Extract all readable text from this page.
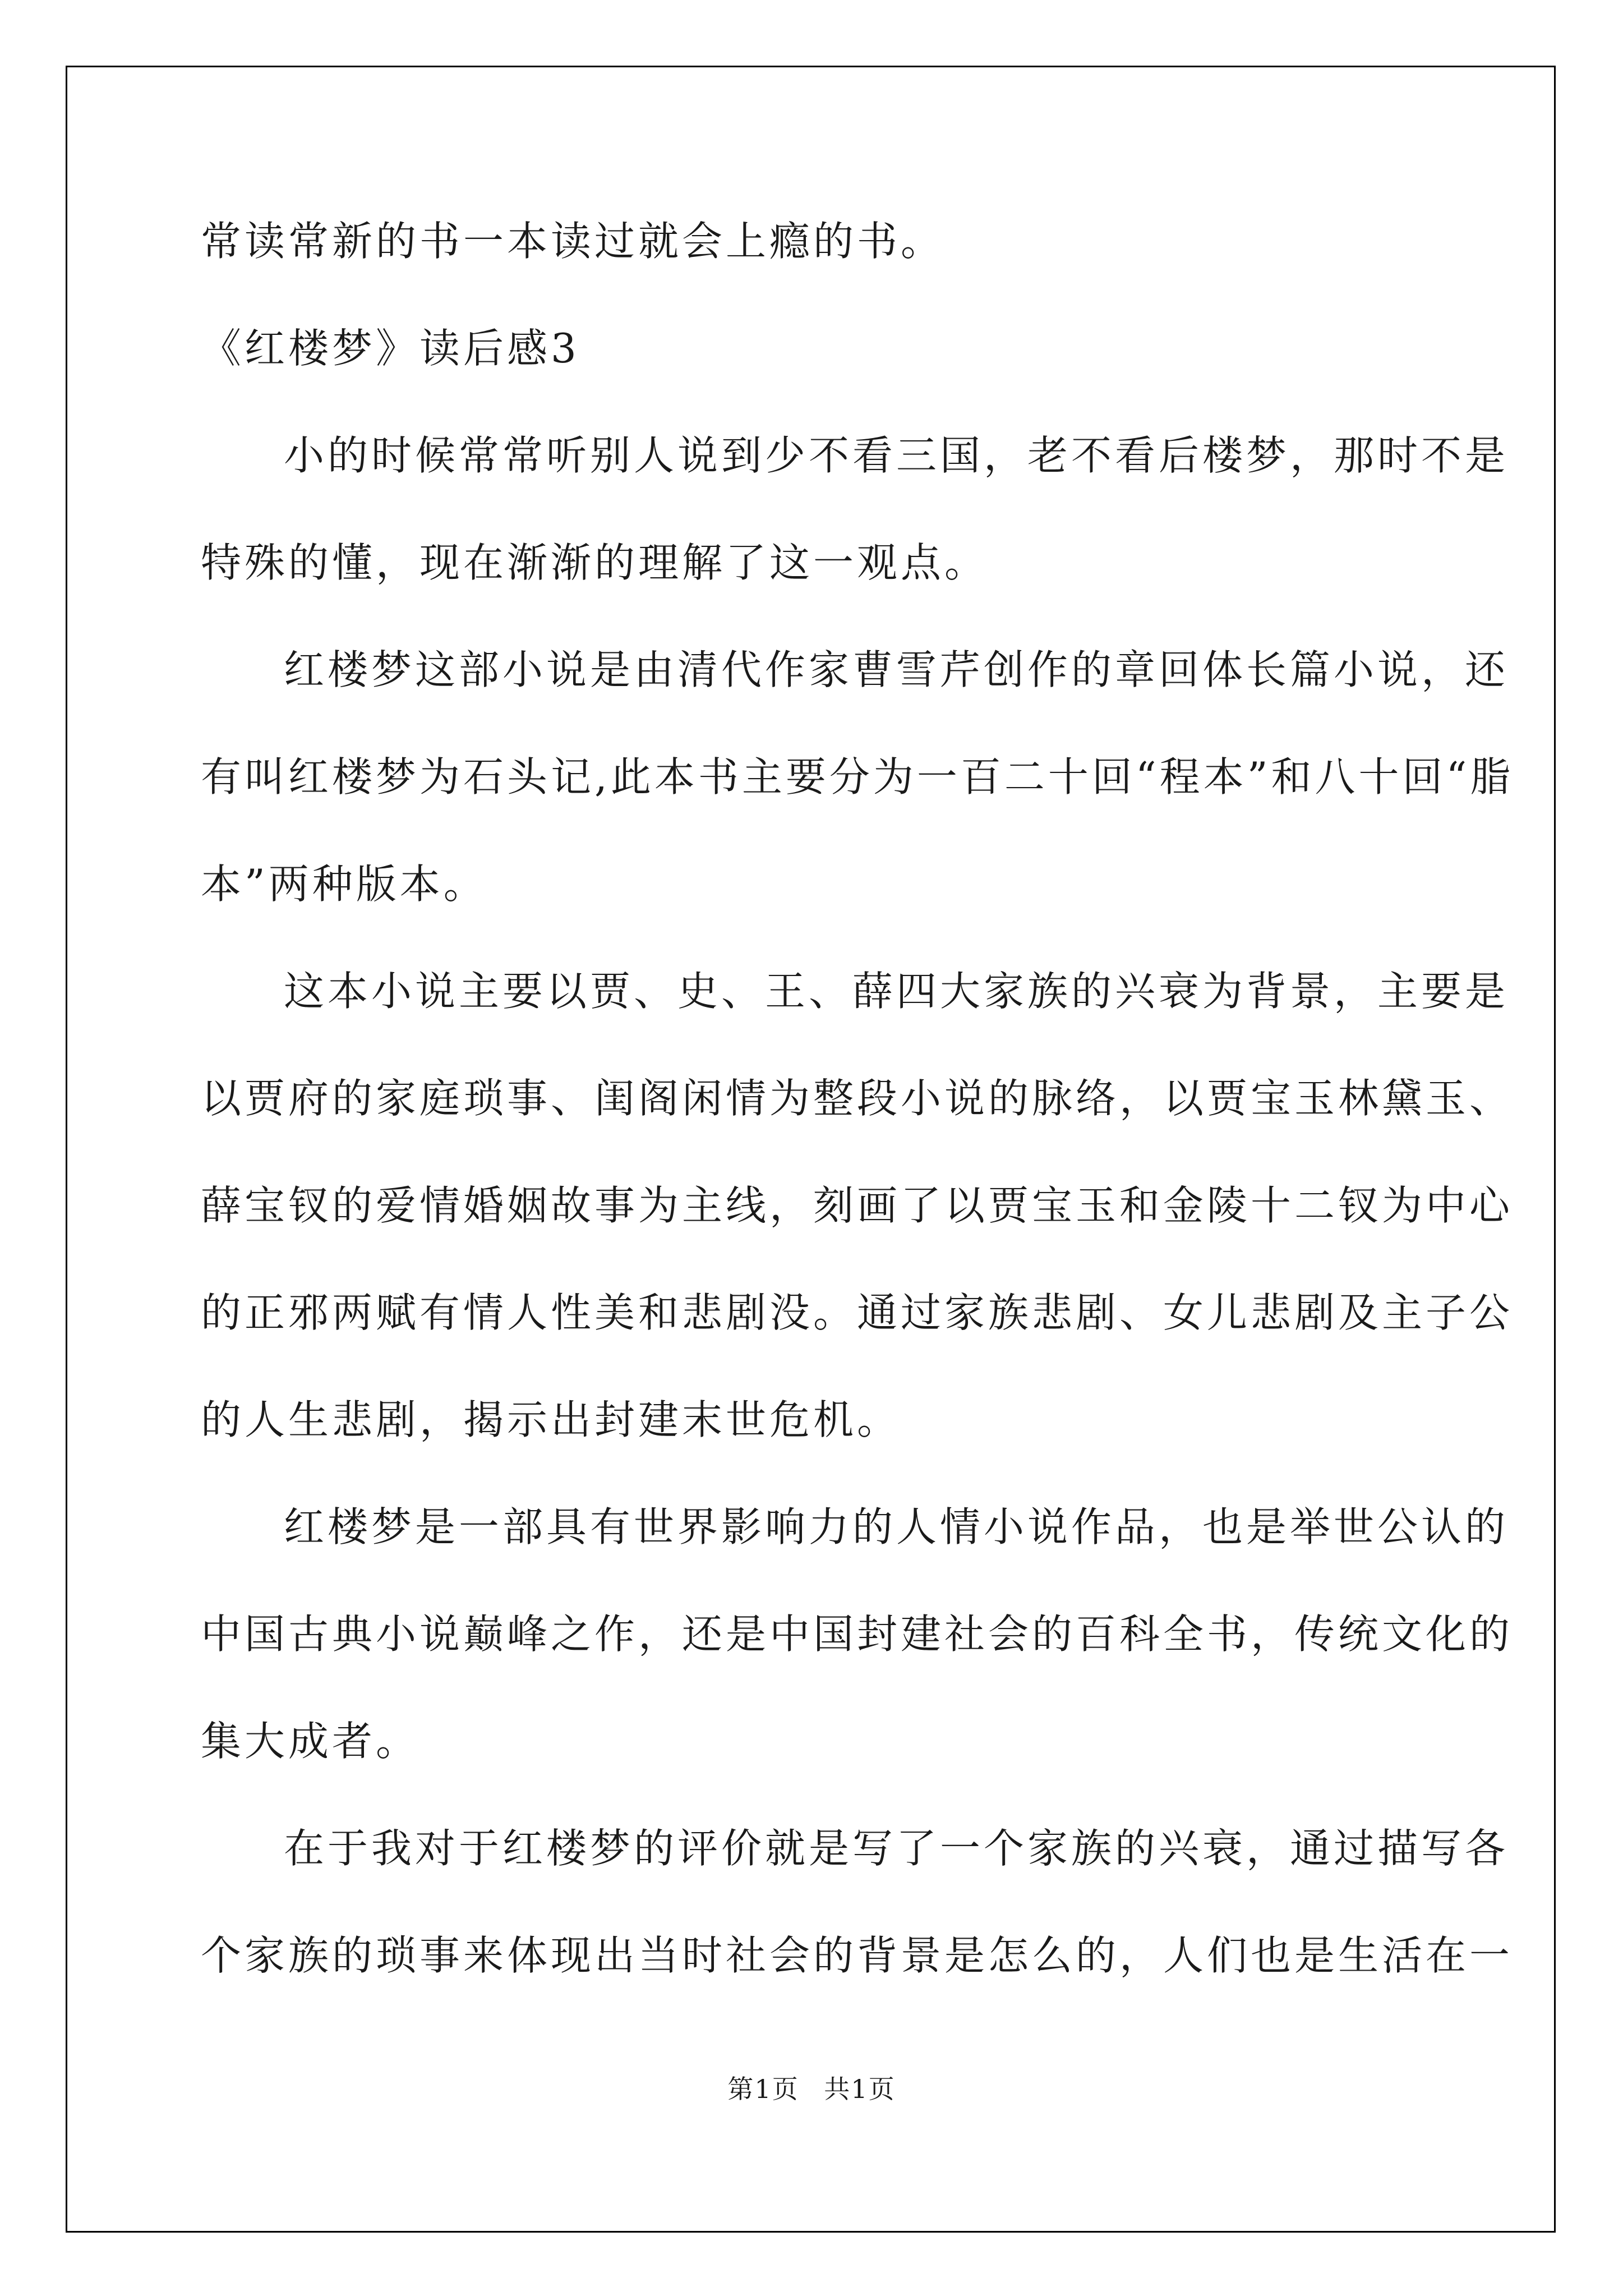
常读常新的书一本读过就会上瘾的书。
《红楼梦》读后感3
小的时候常常听别人说到少不看三国，老不看后楼梦，那时不是
特殊的懂，现在渐渐的理解了这一观点。
红楼梦这部小说是由清代作家曹雪芹创作的章回体长篇小说，还
有叫红楼梦为石头记,此本书主要分为一百二十回“程本”和八十回“脂
本”两种版本。
这本小说主要以贾、史、王、薛四大家族的兴衰为背景，主要是
以贾府的家庭琐事、闺阁闲情为整段小说的脉络，以贾宝玉林黛玉、
薛宝钗的爱情婚姻故事为主线，刻画了以贾宝玉和金陵十二钗为中心
的正邪两赋有情人性美和悲剧没。通过家族悲剧、女儿悲剧及主子公
的人生悲剧，揭示出封建末世危机。
红楼梦是一部具有世界影响力的人情小说作品，也是举世公认的
中国古典小说巅峰之作，还是中国封建社会的百科全书，传统文化的
集大成者。
在于我对于红楼梦的评价就是写了一个家族的兴衰，通过描写各
个家族的琐事来体现出当时社会的背景是怎么的，人们也是生活在一
第1页 共1页
